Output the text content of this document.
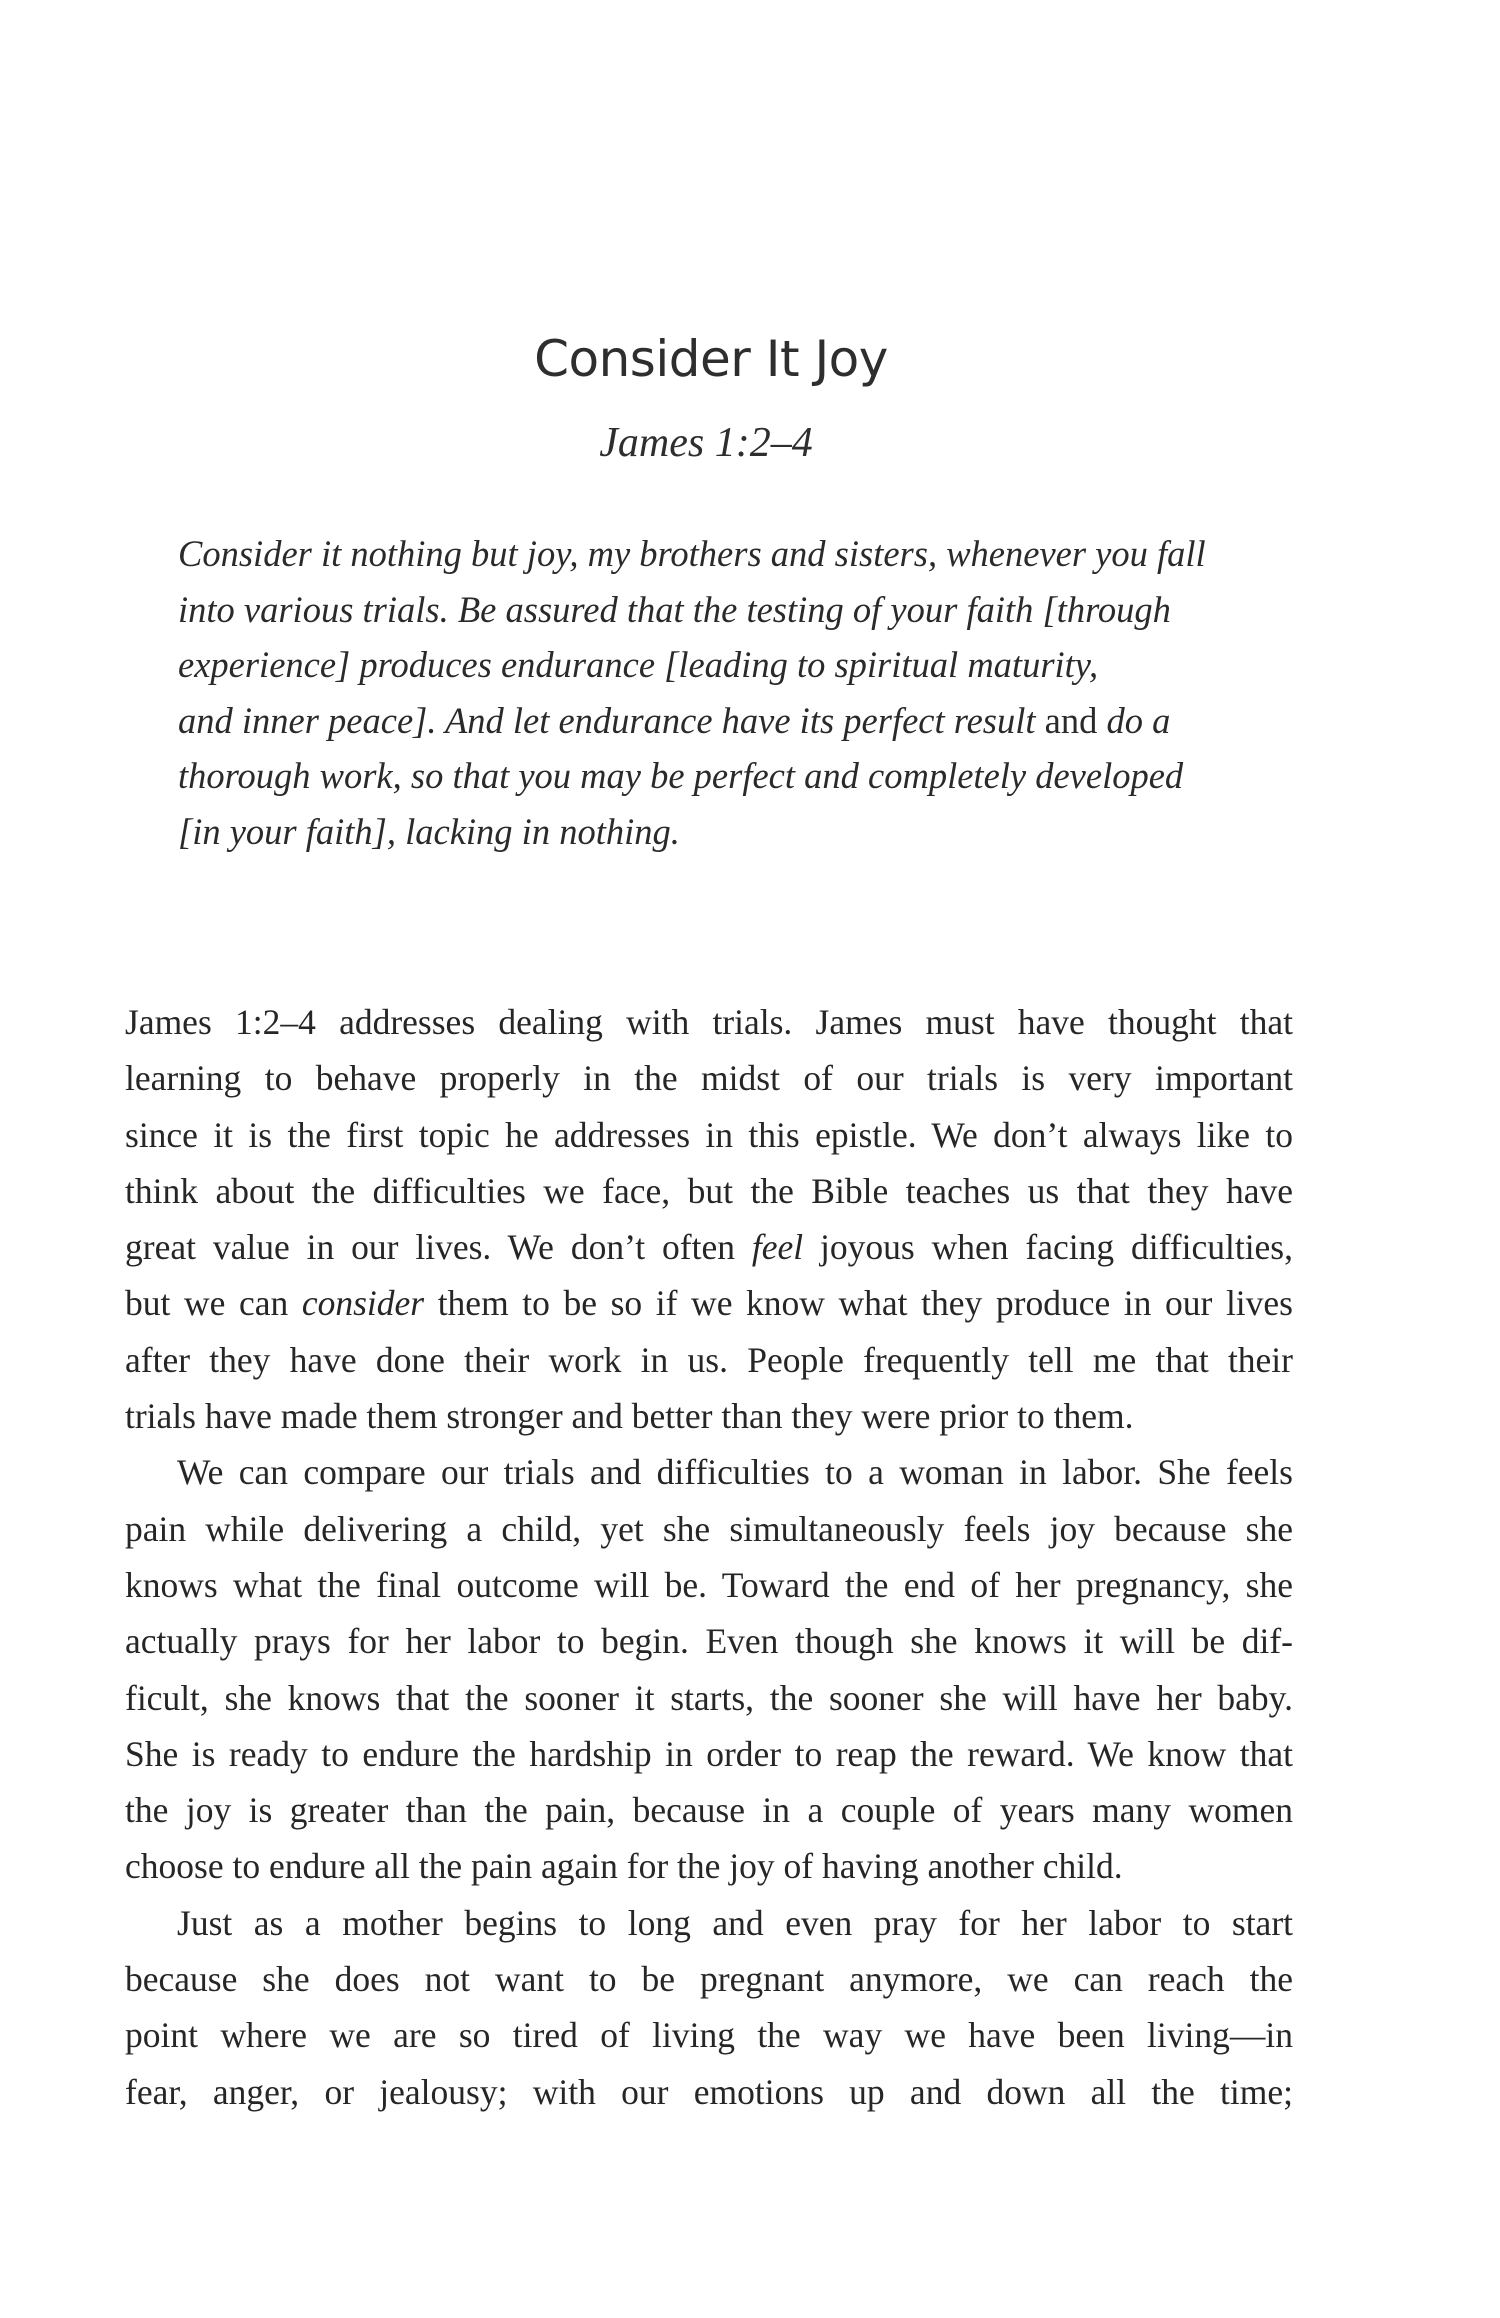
Consider It Joy
James 1:2–4
Consider it nothing but joy, my brothers and sisters, whenever you fall
into various trials. Be assured that the testing of your faith [through
experience] produces endurance [leading to spiritual maturity,
and inner peace]. And let endurance have its perfect result and do a
thorough work, so that you may be perfect and completely developed
[in your faith], lacking in nothing.
James 1:2–4 addresses dealing with trials. James must have thought that
learning to behave properly in the midst of our trials is very important
since it is the first topic he addresses in this epistle. We don’t always like to
think about the difficulties we face, but the Bible teaches us that they have
great value in our lives. We don’t often feel joyous when facing difficulties,
but we can consider them to be so if we know what they produce in our lives
after they have done their work in us. People frequently tell me that their
trials have made them stronger and better than they were prior to them.
We can compare our trials and difficulties to a woman in labor. She feels
pain while delivering a child, yet she simultaneously feels joy because she
knows what the final outcome will be. Toward the end of her pregnancy, she
actually prays for her labor to begin. Even though she knows it will be dif-
ficult, she knows that the sooner it starts, the sooner she will have her baby.
She is ready to endure the hardship in order to reap the reward. We know that
the joy is greater than the pain, because in a couple of years many women
choose to endure all the pain again for the joy of having another child.
Just as a mother begins to long and even pray for her labor to start
because she does not want to be pregnant anymore, we can reach the
point where we are so tired of living the way we have been living—in
fear, anger, or jealousy; with our emotions up and down all the time;
